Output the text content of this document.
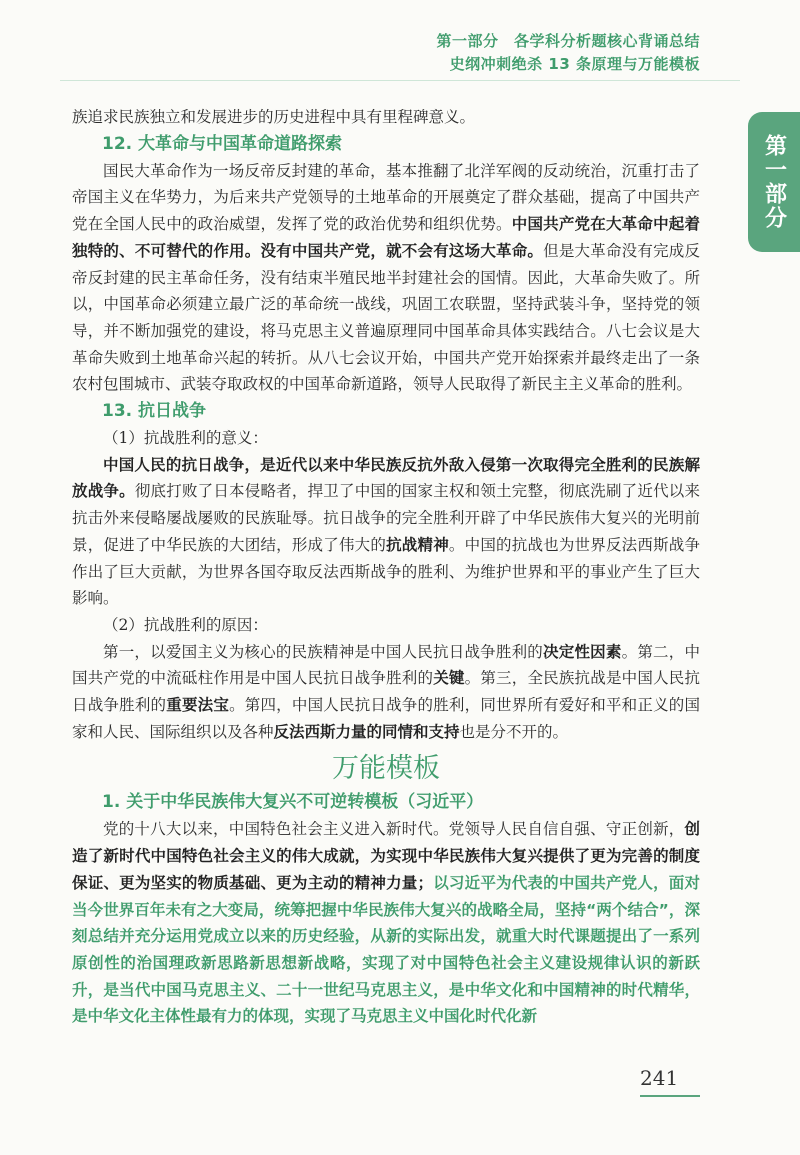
第一部分　各学科分析题核心背诵总结
史纲冲刺绝杀 13 条原理与万能模板
第一部分

族追求民族独立和发展进步的历史进程中具有里程碑意义。

12. 大革命与中国革命道路探索

国民大革命作为一场反帝反封建的革命，基本推翻了北洋军阀的反动统治，沉重打击了帝国主义在华势力，为后来共产党领导的土地革命的开展奠定了群众基础，提高了中国共产党在全国人民中的政治威望，发挥了党的政治优势和组织优势。中国共产党在大革命中起着独特的、不可替代的作用。没有中国共产党，就不会有这场大革命。但是大革命没有完成反帝反封建的民主革命任务，没有结束半殖民地半封建社会的国情。因此，大革命失败了。所以，中国革命必须建立最广泛的革命统一战线，巩固工农联盟，坚持武装斗争，坚持党的领导，并不断加强党的建设，将马克思主义普遍原理同中国革命具体实践结合。八七会议是大革命失败到土地革命兴起的转折。从八七会议开始，中国共产党开始探索并最终走出了一条农村包围城市、武装夺取政权的中国革命新道路，领导人民取得了新民主主义革命的胜利。

13. 抗日战争

（1）抗战胜利的意义：

中国人民的抗日战争，是近代以来中华民族反抗外敌入侵第一次取得完全胜利的民族解放战争。彻底打败了日本侵略者，捍卫了中国的国家主权和领土完整，彻底洗刷了近代以来抗击外来侵略屡战屡败的民族耻辱。抗日战争的完全胜利开辟了中华民族伟大复兴的光明前景，促进了中华民族的大团结，形成了伟大的抗战精神。中国的抗战也为世界反法西斯战争作出了巨大贡献，为世界各国夺取反法西斯战争的胜利、为维护世界和平的事业产生了巨大影响。

（2）抗战胜利的原因：

第一，以爱国主义为核心的民族精神是中国人民抗日战争胜利的决定性因素。第二，中国共产党的中流砥柱作用是中国人民抗日战争胜利的关键。第三，全民族抗战是中国人民抗日战争胜利的重要法宝。第四，中国人民抗日战争的胜利，同世界所有爱好和平和正义的国家和人民、国际组织以及各种反法西斯力量的同情和支持也是分不开的。

万能模板
1. 关于中华民族伟大复兴不可逆转模板（习近平）

党的十八大以来，中国特色社会主义进入新时代。党领导人民自信自强、守正创新，创造了新时代中国特色社会主义的伟大成就，为实现中华民族伟大复兴提供了更为完善的制度保证、更为坚实的物质基础、更为主动的精神力量；以习近平为代表的中国共产党人，面对当今世界百年未有之大变局，统筹把握中华民族伟大复兴的战略全局，坚持“两个结合”，深刻总结并充分运用党成立以来的历史经验，从新的实际出发，就重大时代课题提出了一系列原创性的治国理政新思路新思想新战略，实现了对中国特色社会主义建设规律认识的新跃升，是当代中国马克思主义、二十一世纪马克思主义，是中华文化和中国精神的时代精华，是中华文化主体性最有力的体现，实现了马克思主义中国化时代化新

241
